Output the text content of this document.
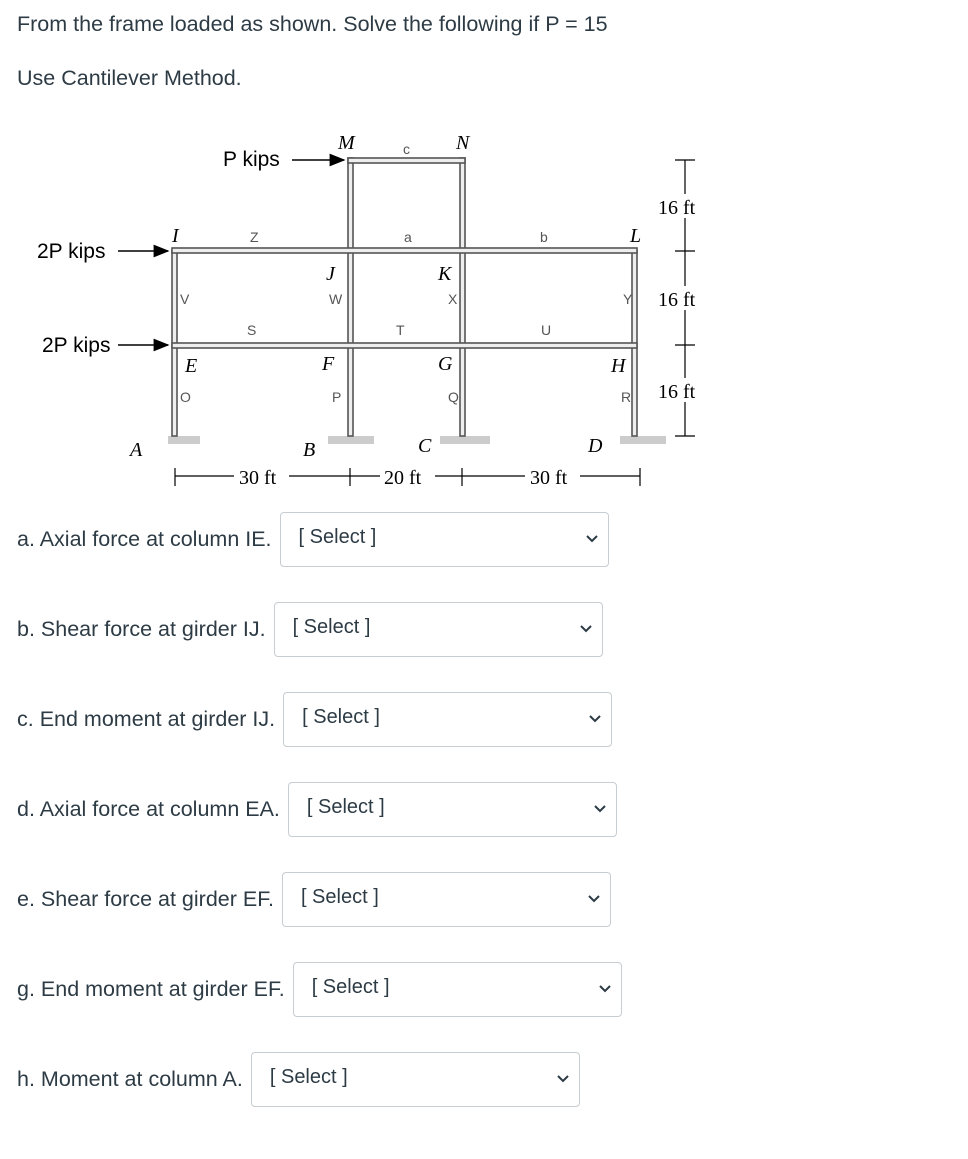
From the frame loaded as shown. Solve the following if P = 15
Use Cantilever Method.
P kips
2P kips
2P kips
I
E
A	B	C	D
J
F
K
G
L
H
M	N
c
Z	a	b
V	W	X	Y
S	T	U
O	P	Q	R
30 ft	20 ft	30 ft
16 ft
16 ft
16 ft
a. Axial force at column IE. [ Select ]
b. Shear force at girder IJ. [ Select ]
c. End moment at girder IJ. [ Select ]
d. Axial force at column EA. [ Select ]
e. Shear force at girder EF. [ Select ]
g. End moment at girder EF. [ Select ]
h. Moment at column A. [ Select ]
